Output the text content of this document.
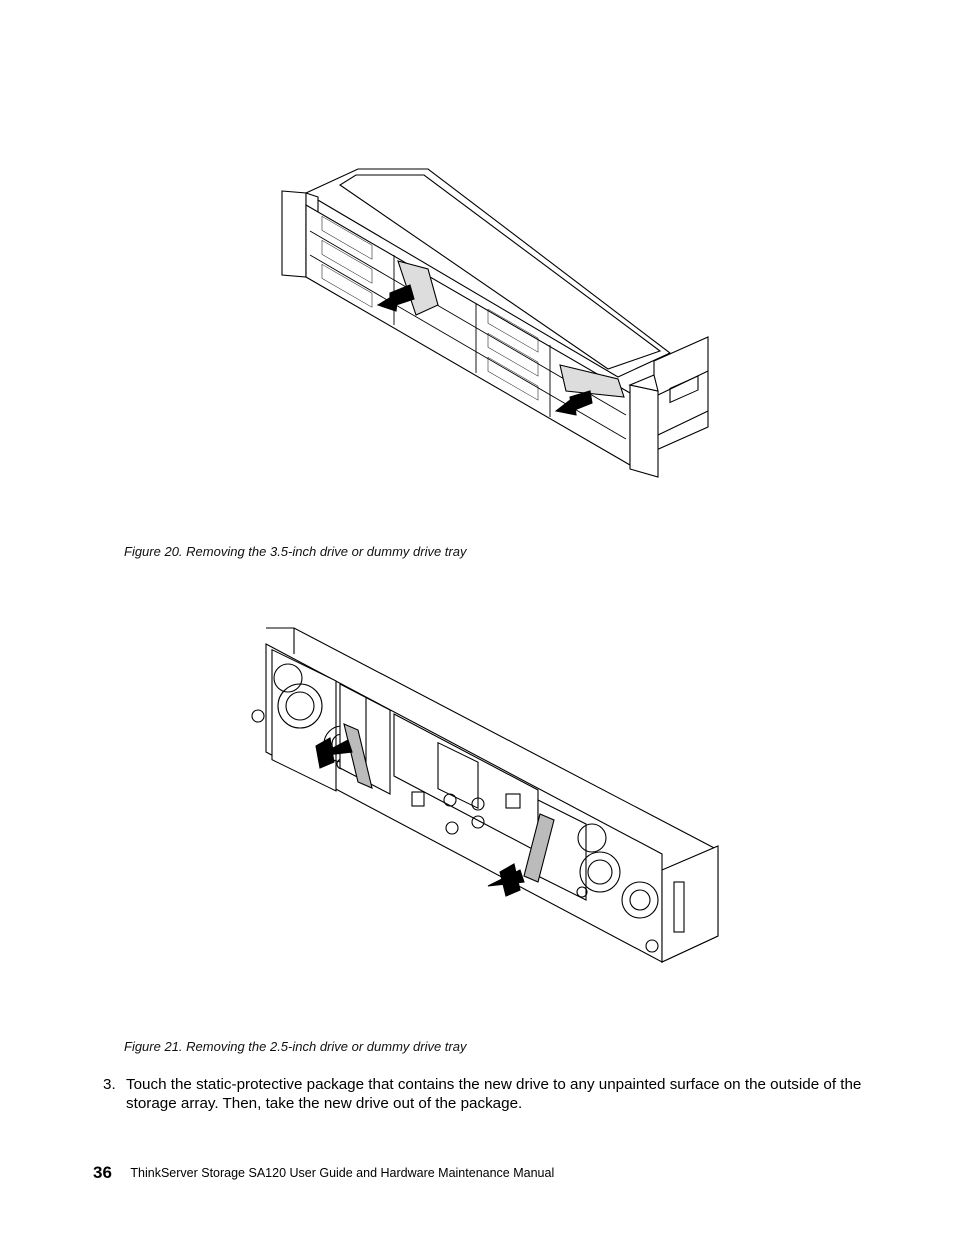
Figure 20. Removing the 3.5-inch drive or dummy drive tray
Figure 21. Removing the 2.5-inch drive or dummy drive tray
3. Touch the static-protective package that contains the new drive to any unpainted surface on the outside of the storage array. Then, take the new drive out of the package.
36 ThinkServer Storage SA120 User Guide and Hardware Maintenance Manual
